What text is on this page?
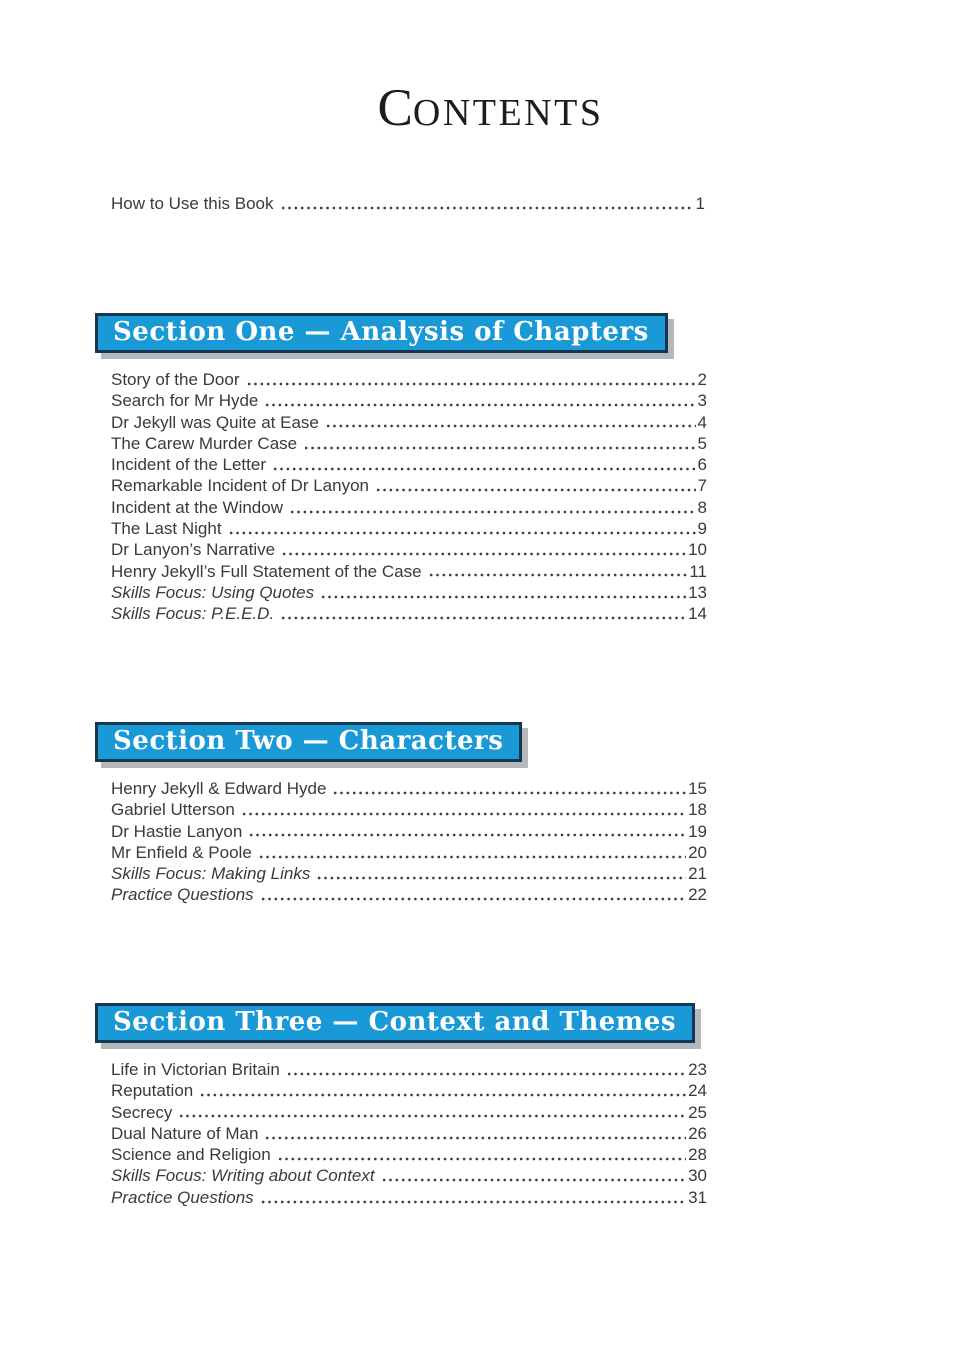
CONTENTS
How to Use this Book	1
Section One — Analysis of Chapters
Story of the Door	2
Search for Mr Hyde	3
Dr Jekyll was Quite at Ease	4
The Carew Murder Case	5
Incident of the Letter	6
Remarkable Incident of Dr Lanyon	7
Incident at the Window	8
The Last Night	9
Dr Lanyon’s Narrative	10
Henry Jekyll’s Full Statement of the Case	11
Skills Focus: Using Quotes	13
Skills Focus: P.E.E.D.	14
Section Two — Characters
Henry Jekyll & Edward Hyde	15
Gabriel Utterson	18
Dr Hastie Lanyon	19
Mr Enfield & Poole	20
Skills Focus: Making Links	21
Practice Questions	22
Section Three — Context and Themes
Life in Victorian Britain	23
Reputation	24
Secrecy	25
Dual Nature of Man	26
Science and Religion	28
Skills Focus: Writing about Context	30
Practice Questions	31
